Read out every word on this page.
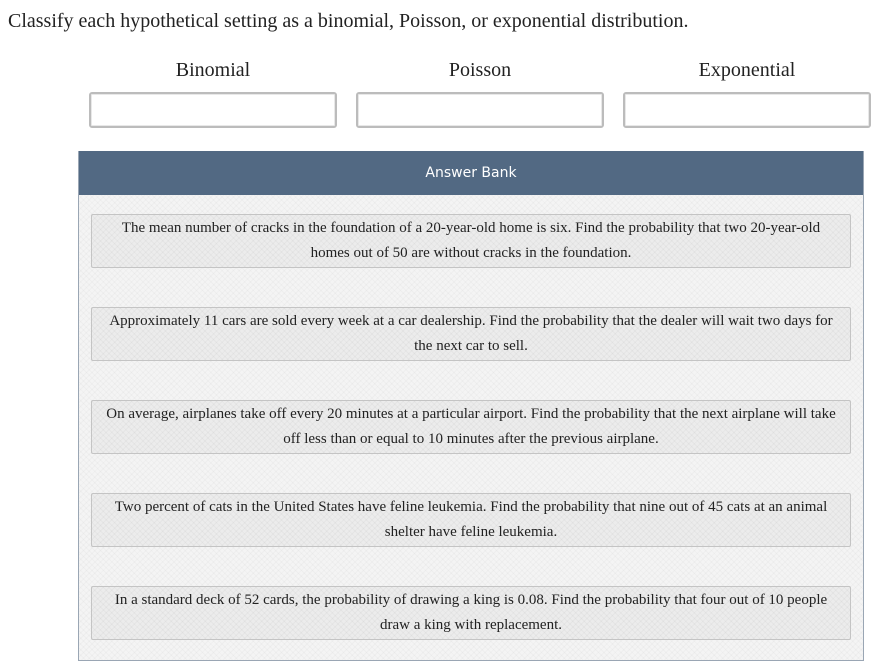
Classify each hypothetical setting as a binomial, Poisson, or exponential distribution.
Binomial	Poisson	Exponential
Answer Bank
The mean number of cracks in the foundation of a 20-year-old home is six. Find the probability that two 20-year-old homes out of 50 are without cracks in the foundation.
Approximately 11 cars are sold every week at a car dealership. Find the probability that the dealer will wait two days for the next car to sell.
On average, airplanes take off every 20 minutes at a particular airport. Find the probability that the next airplane will take off less than or equal to 10 minutes after the previous airplane.
Two percent of cats in the United States have feline leukemia. Find the probability that nine out of 45 cats at an animal shelter have feline leukemia.
In a standard deck of 52 cards, the probability of drawing a king is 0.08. Find the probability that four out of 10 people draw a king with replacement.
